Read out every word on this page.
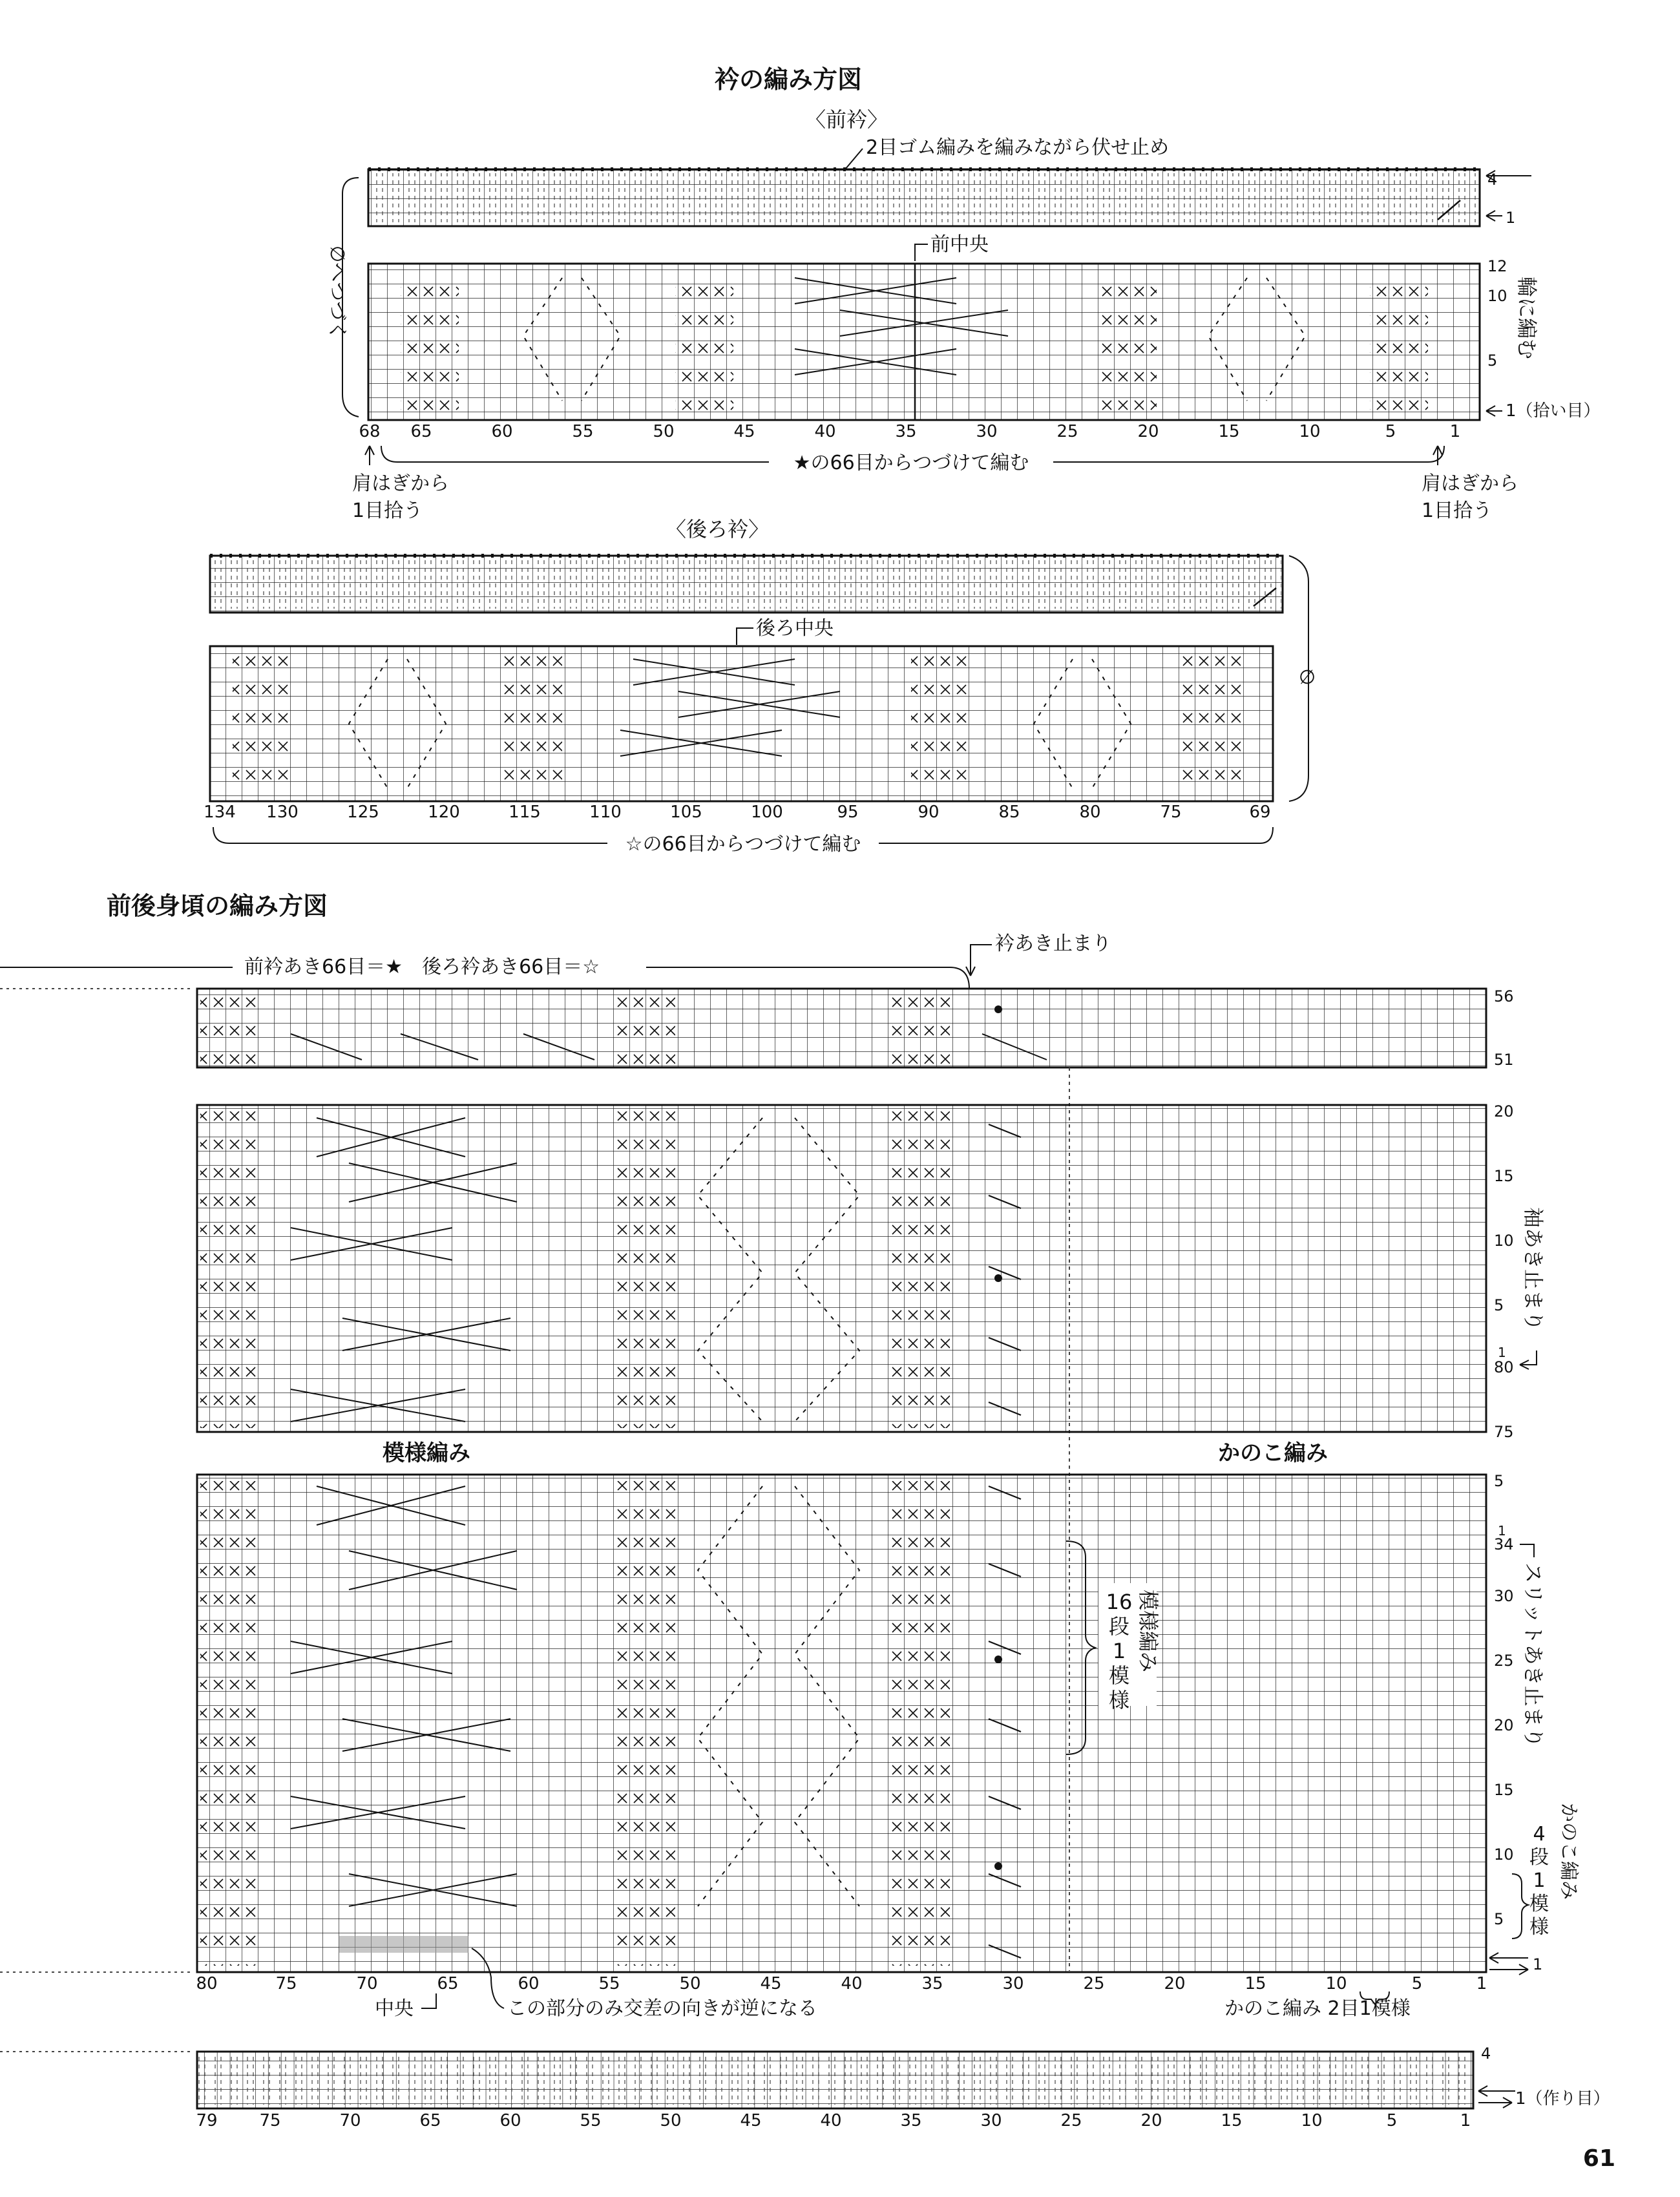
衿の編み方図
〈前衿〉
2目ゴム編みを編みながら伏せ止め
前中央
∅へつづく
4
1
12
10
5
1（拾い目）
輪に編む
68 65	60	55	50	45	40	35	30	25	20	15	10	5	1
★の66目からつづけて編む
肩はぎから
1目拾う
肩はぎから
1目拾う
〈後ろ衿〉
後ろ中央
∅
134 130	125	120	115	110	105	100	95	90	85	80	75	69
☆の66目からつづけて編む
前後身頃の編み方図
前衿あき66目＝★　後ろ衿あき66目＝☆
衿あき止まり
56
51
20
15
10
5
1
80
75
袖あき止まり
模様編み	かのこ編み
16
段
1
模
様
模様編み
5
1
34
30
25
20
15
10
5
1
スリットあき止まり
4
段
1
模
様
かのこ編み
80	75	70	65	60	55	50	45	40	35	30	25	20	15	10	5	1
中央	この部分のみ交差の向きが逆になる	かのこ編み 2目1模様
4
1（作り目）
79 75	70	65	60	55	50	45	40	35	30	25	20	15	10	5	1
61
